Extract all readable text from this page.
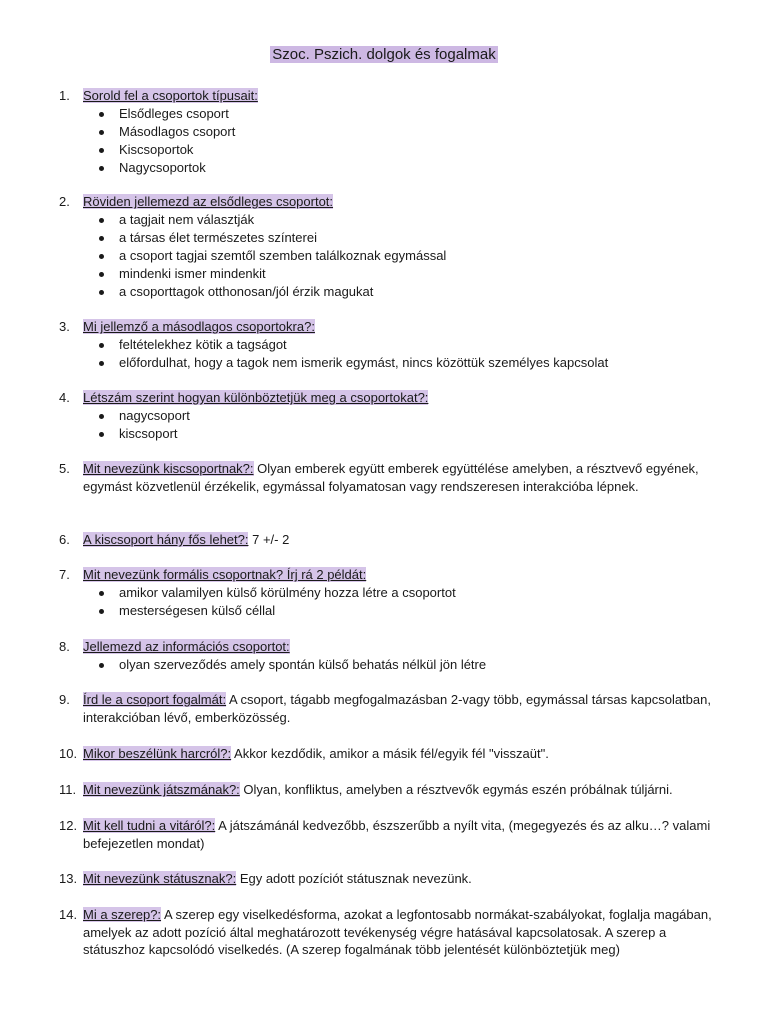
Szoc. Pszich. dolgok és fogalmak
1.	Sorold fel a csoportok típusait:
Elsődleges csoport
Másodlagos csoport
Kiscsoportok
Nagycsoportok
2.	Röviden jellemezd az elsődleges csoportot:
a tagjait nem választják
a társas élet természetes színterei
a csoport tagjai szemtől szemben találkoznak egymással
mindenki ismer mindenkit
a csoporttagok otthonosan/jól érzik magukat
3.	Mi jellemző a másodlagos csoportokra?:
feltételekhez kötik a tagságot
előfordulhat, hogy a tagok nem ismerik egymást, nincs közöttük személyes kapcsolat
4.	Létszám szerint hogyan különböztetjük meg a csoportokat?:
nagycsoport
kiscsoport
5.	Mit nevezünk kiscsoportnak?: Olyan emberek együtt emberek együttélése amelyben, a résztvevő egyének, egymást közvetlenül érzékelik, egymással folyamatosan vagy rendszeresen interakcióba lépnek.
6.	A kiscsoport hány fős lehet?: 7 +/- 2
7.	Mit nevezünk formális csoportnak? Írj rá 2 példát:
amikor valamilyen külső körülmény hozza létre a csoportot
mesterségesen külső céllal
8.	Jellemezd az információs csoportot:
olyan szerveződés amely spontán külső behatás nélkül jön létre
9.	Írd le a csoport fogalmát: A csoport, tágabb megfogalmazásban 2-vagy több, egymással társas kapcsolatban, interakcióban lévő, emberközösség.
10. Mikor beszélünk harcról?: Akkor kezdődik, amikor a másik fél/egyik fél "visszaüt".
11. Mit nevezünk játszmának?: Olyan, konfliktus, amelyben a résztvevők egymás eszén próbálnak túljárni.
12. Mit kell tudni a vitáról?: A játszámánál kedvezőbb, észszerűbb a nyílt vita, (megegyezés és az alku…? valami befejezetlen mondat)
13. Mit nevezünk státusznak?: Egy adott pozíciót státusznak nevezünk.
14. Mi a szerep?: A szerep egy viselkedésforma, azokat a legfontosabb normákat-szabályokat, foglalja magában, amelyek az adott pozíció által meghatározott tevékenység végre hatásával kapcsolatosak. A szerep a státuszhoz kapcsolódó viselkedés. (A szerep fogalmának több jelentését különböztetjük meg)
